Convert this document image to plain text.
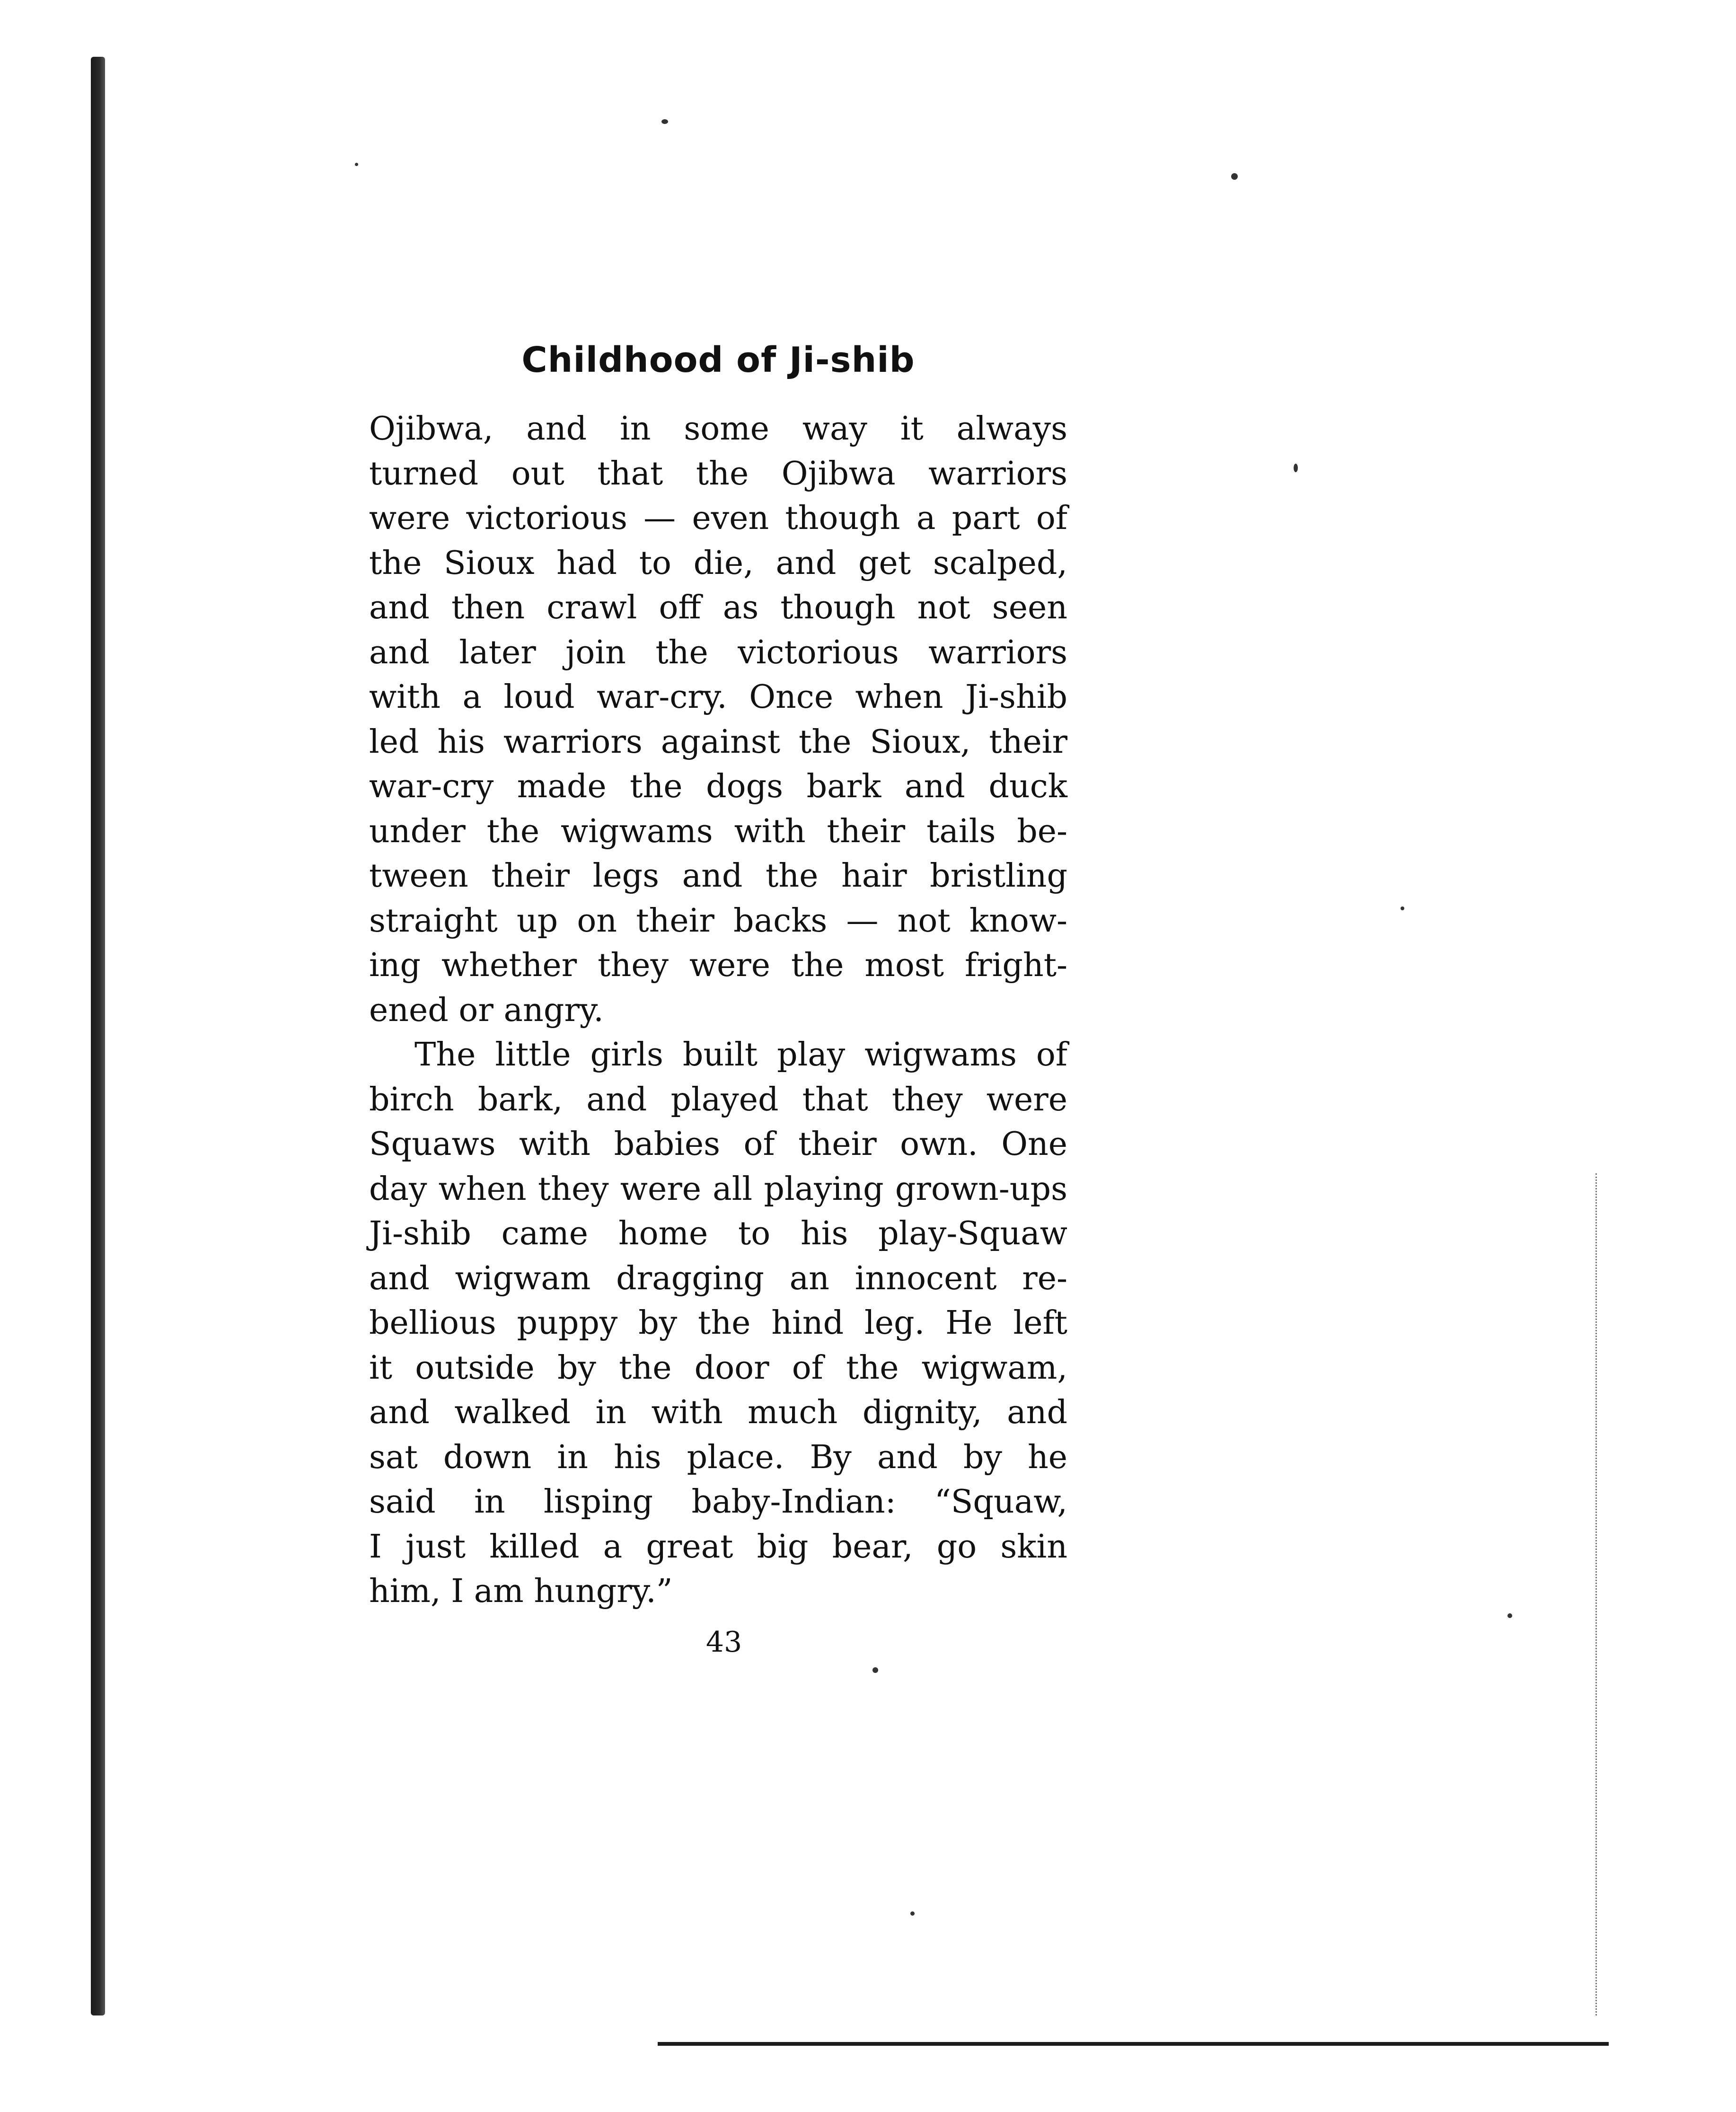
Childhood of Ji-shib
Ojibwa, and in some way it always
turned out that the Ojibwa warriors
were victorious — even though a part of
the Sioux had to die, and get scalped,
and then crawl off as though not seen
and later join the victorious warriors
with a loud war-cry. Once when Ji-shib
led his warriors against the Sioux, their
war-cry made the dogs bark and duck
under the wigwams with their tails be-
tween their legs and the hair bristling
straight up on their backs — not know-
ing whether they were the most fright-
ened or angry.
The little girls built play wigwams of
birch bark, and played that they were
Squaws with babies of their own. One
day when they were all playing grown-ups
Ji-shib came home to his play-Squaw
and wigwam dragging an innocent re-
bellious puppy by the hind leg. He left
it outside by the door of the wigwam,
and walked in with much dignity, and
sat down in his place. By and by he
said in lisping baby-Indian: “Squaw,
I just killed a great big bear, go skin
him, I am hungry.”
43
